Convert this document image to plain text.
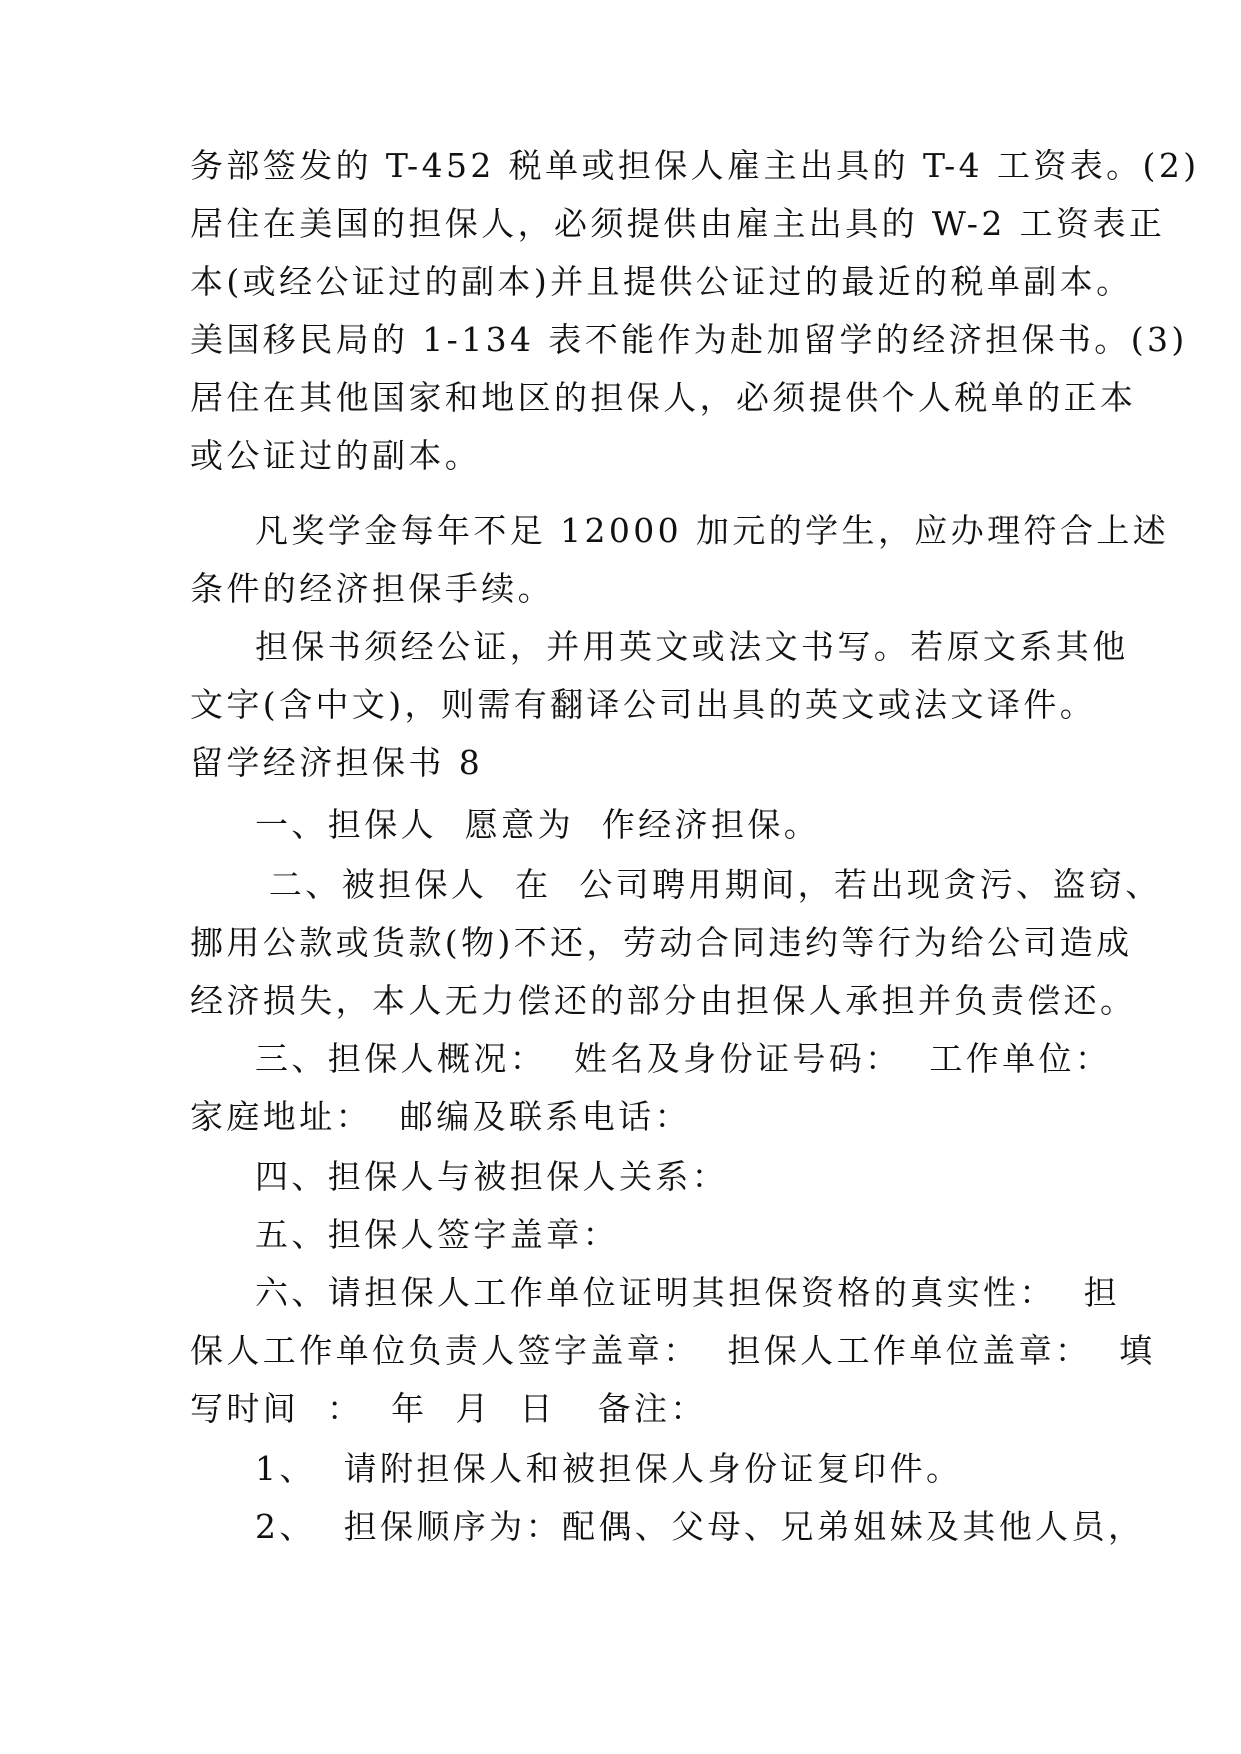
务部签发的 T-452 税单或担保人雇主出具的 T-4 工资表。(2)
居住在美国的担保人，必须提供由雇主出具的 W-2 工资表正
本(或经公证过的副本)并且提供公证过的最近的税单副本。
美国移民局的 1-134 表不能作为赴加留学的经济担保书。(3)
居住在其他国家和地区的担保人，必须提供个人税单的正本
或公证过的副本。
凡奖学金每年不足 12000 加元的学生，应办理符合上述
条件的经济担保手续。
担保书须经公证，并用英文或法文书写。若原文系其他
文字(含中文)，则需有翻译公司出具的英文或法文译件。
留学经济担保书 8
一、担保人  愿意为  作经济担保。
二、被担保人  在  公司聘用期间，若出现贪污、盗窃、
挪用公款或货款(物)不还，劳动合同违约等行为给公司造成
经济损失，本人无力偿还的部分由担保人承担并负责偿还。
三、担保人概况：  姓名及身份证号码：  工作单位：
家庭地址：  邮编及联系电话：
四、担保人与被担保人关系：
五、担保人签字盖章：
六、请担保人工作单位证明其担保资格的真实性：  担
保人工作单位负责人签字盖章：  担保人工作单位盖章：  填
写时间  ：  年  月  日   备注：
1、  请附担保人和被担保人身份证复印件。
2、  担保顺序为：配偶、父母、兄弟姐妹及其他人员，
